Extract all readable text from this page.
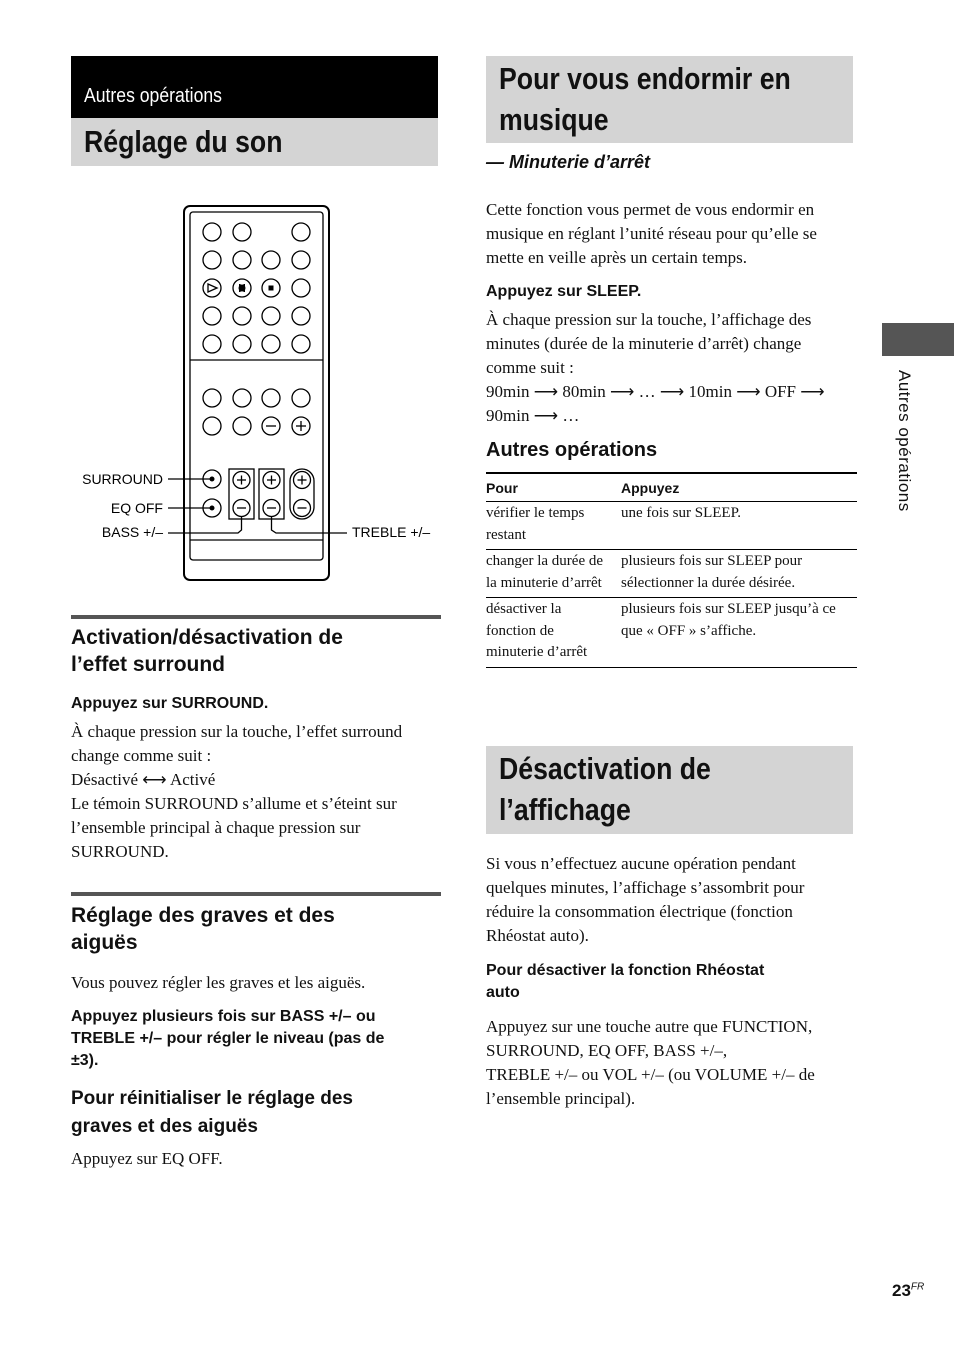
Autres opérations
Réglage du son
SURROUND
EQ OFF
BASS +/–	TREBLE +/–
Activation/désactivation de
l’effet surround
Appuyez sur SURROUND.
À chaque pression sur la touche, l’effet surround
change comme suit :
Désactivé ⟷ Activé
Le témoin SURROUND s’allume et s’éteint sur
l’ensemble principal à chaque pression sur
SURROUND.
Réglage des graves et des
aiguës
Vous pouvez régler les graves et les aiguës.
Appuyez plusieurs fois sur BASS +/– ou
TREBLE +/– pour régler le niveau (pas de
±3).
Pour réinitialiser le réglage des
graves et des aiguës
Appuyez sur EQ OFF.
Pour vous endormir en
musique
— Minuterie d’arrêt
Cette fonction vous permet de vous endormir en
musique en réglant l’unité réseau pour qu’elle se
mette en veille après un certain temps.
Appuyez sur SLEEP.
À chaque pression sur la touche, l’affichage des
minutes (durée de la minuterie d’arrêt) change
comme suit :
90min ⟶ 80min ⟶ … ⟶ 10min ⟶ OFF ⟶
90min ⟶ …
Autres opérations
Pour	Appuyez
vérifier le temps restant	une fois sur SLEEP.
changer la durée de la minuterie d’arrêt	plusieurs fois sur SLEEP pour sélectionner la durée désirée.
désactiver la fonction de minuterie d’arrêt	plusieurs fois sur SLEEP jusqu’à ce que « OFF » s’affiche.
Désactivation de
l’affichage
Si vous n’effectuez aucune opération pendant
quelques minutes, l’affichage s’assombrit pour
réduire la consommation électrique (fonction
Rhéostat auto).
Pour désactiver la fonction Rhéostat
auto
Appuyez sur une touche autre que FUNCTION,
SURROUND, EQ OFF, BASS +/–,
TREBLE +/– ou VOL +/– (ou VOLUME +/– de
l’ensemble principal).
Autres opérations
$23^{FR}$
